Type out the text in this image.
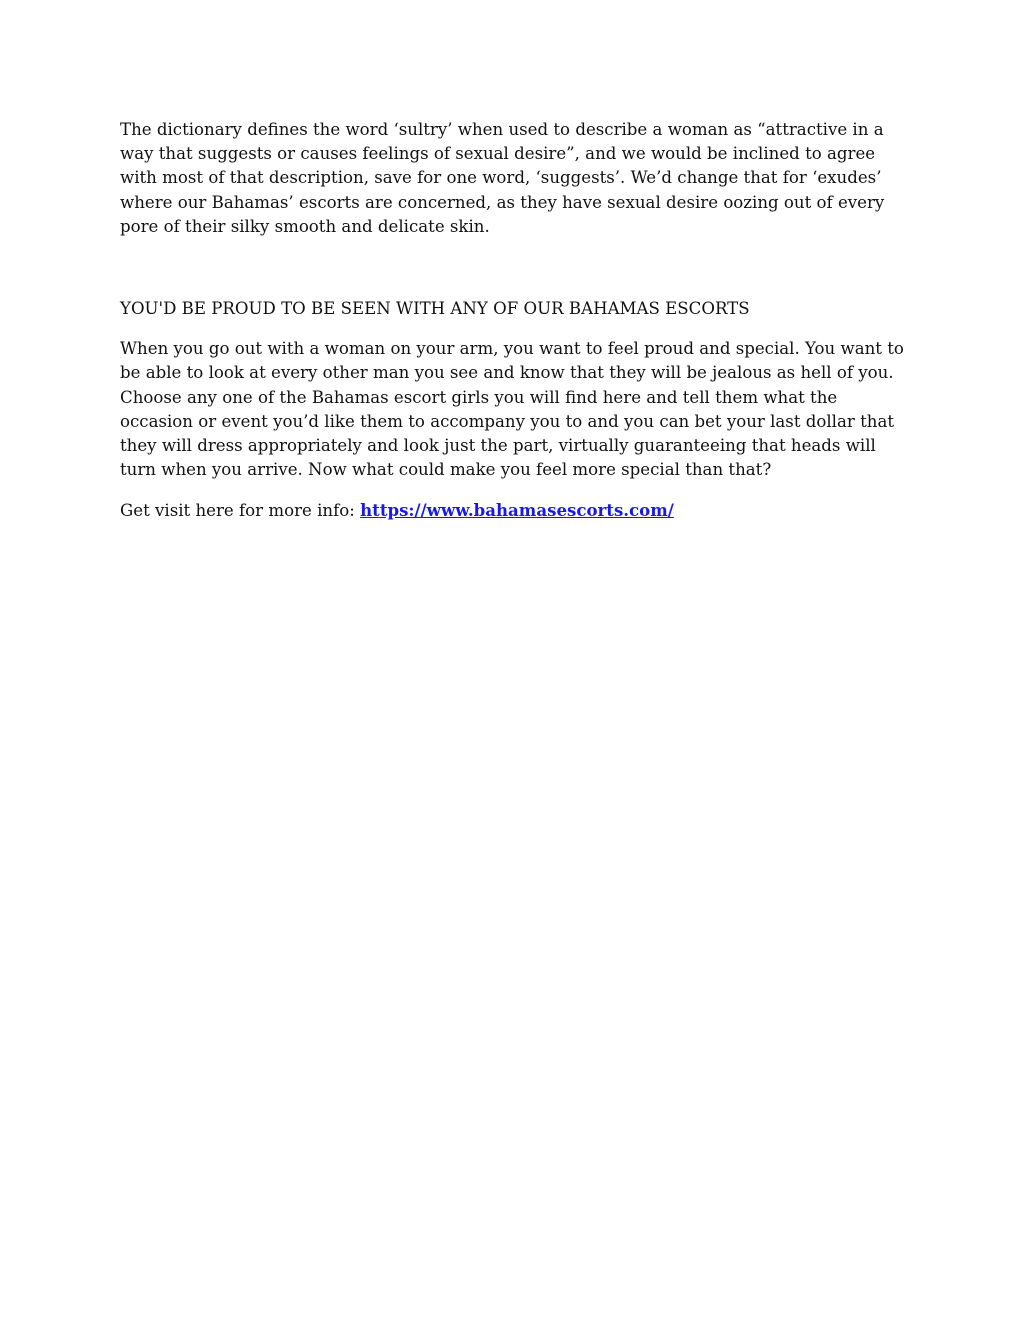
The dictionary defines the word ‘sultry’ when used to describe a woman as “attractive in a way that suggests or causes feelings of sexual desire”, and we would be inclined to agree with most of that description, save for one word, ‘suggests’. We’d change that for ‘exudes’ where our Bahamas’ escorts are concerned, as they have sexual desire oozing out of every pore of their silky smooth and delicate skin.

YOU'D BE PROUD TO BE SEEN WITH ANY OF OUR BAHAMAS ESCORTS

When you go out with a woman on your arm, you want to feel proud and special. You want to be able to look at every other man you see and know that they will be jealous as hell of you. Choose any one of the Bahamas escort girls you will find here and tell them what the occasion or event you’d like them to accompany you to and you can bet your last dollar that they will dress appropriately and look just the part, virtually guaranteeing that heads will turn when you arrive. Now what could make you feel more special than that?

Get visit here for more info: https://www.bahamasescorts.com/
